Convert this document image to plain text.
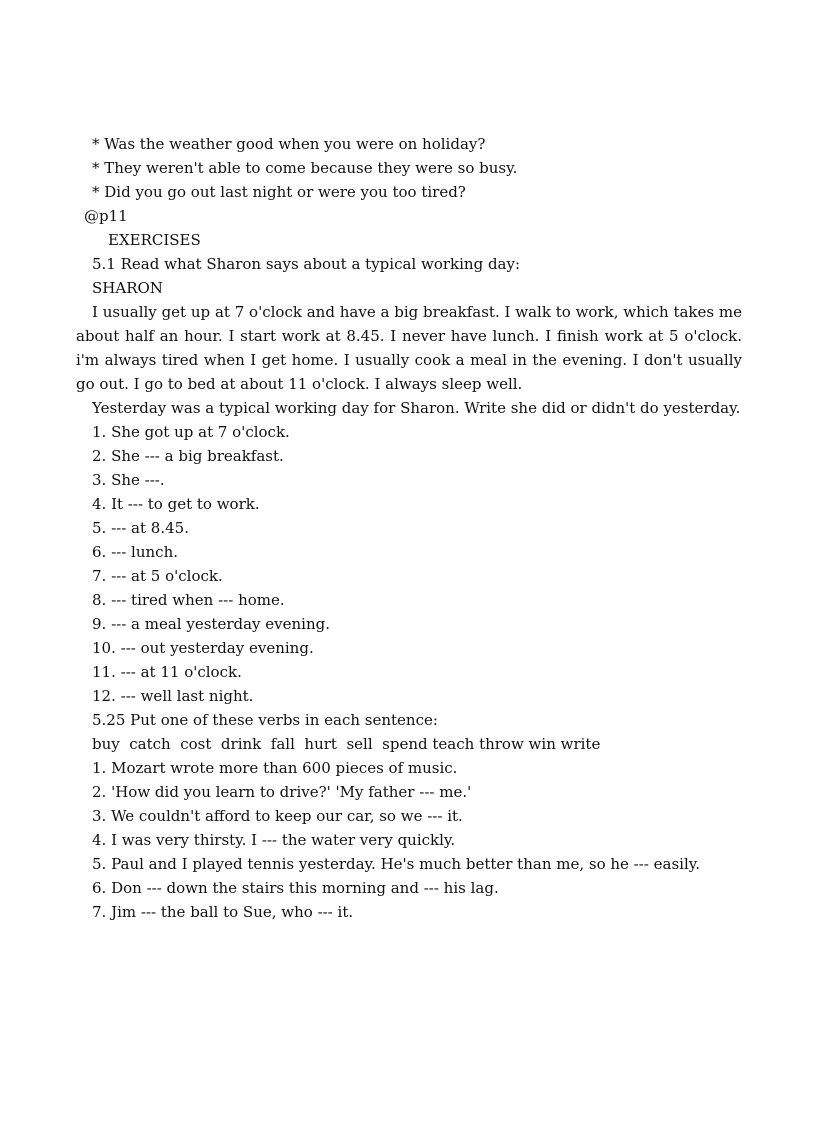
* Was the weather good when you were on holiday?
* They weren't able to come because they were so busy.
* Did you go out last night or were you too tired?
@p11
EXERCISES
5.1 Read what Sharon says about a typical working day:
SHARON
I usually get up at 7 o'clock and have a big breakfast. I walk to work, which takes me about half an hour. I start work at 8.45. I never have lunch. I finish work at 5 o'clock. i'm always tired when I get home. I usually cook a meal in the evening. I don't usually go out. I go to bed at about 11 o'clock. I always sleep well.
Yesterday was a typical working day for Sharon. Write she did or didn't do yesterday.
1. She got up at 7 o'clock.
2. She --- a big breakfast.
3. She ---.
4. It --- to get to work.
5. --- at 8.45.
6. --- lunch.
7. --- at 5 o'clock.
8. --- tired when --- home.
9. --- a meal yesterday evening.
10. --- out yesterday evening.
11. --- at 11 o'clock.
12. --- well last night.
5.25 Put one of these verbs in each sentence:
buy  catch  cost  drink  fall  hurt  sell  spend teach throw win write
1. Mozart wrote more than 600 pieces of music.
2. 'How did you learn to drive?' 'My father --- me.'
3. We couldn't afford to keep our car, so we --- it.
4. I was very thirsty. I --- the water very quickly.
5. Paul and I played tennis yesterday. He's much better than me, so he --- easily.
6. Don --- down the stairs this morning and --- his lag.
7. Jim --- the ball to Sue, who --- it.
